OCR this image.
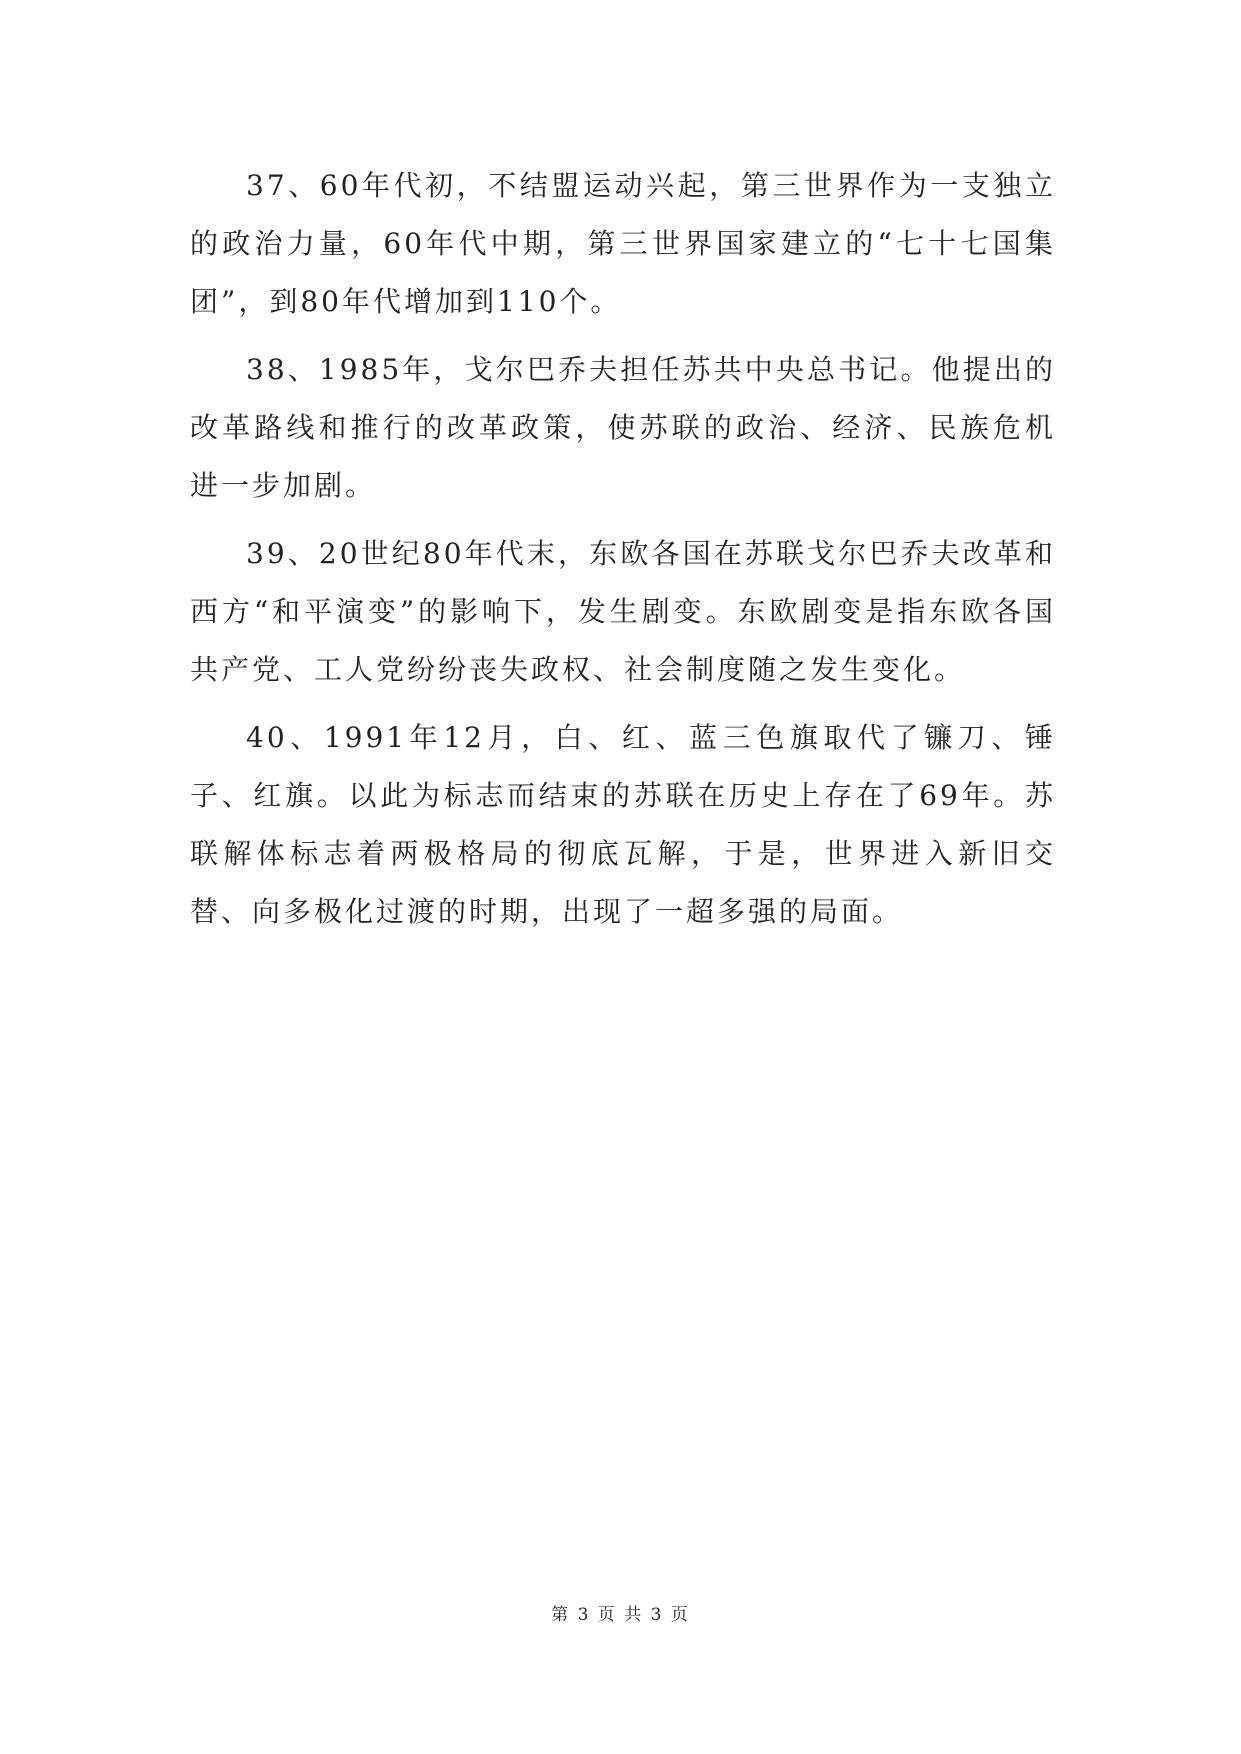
37、60年代初，不结盟运动兴起，第三世界作为一支独立的政治力量，60年代中期，第三世界国家建立的“七十七国集团”，到80年代增加到110个。

38、1985年，戈尔巴乔夫担任苏共中央总书记。他提出的改革路线和推行的改革政策，使苏联的政治、经济、民族危机进一步加剧。

39、20世纪80年代末，东欧各国在苏联戈尔巴乔夫改革和西方“和平演变”的影响下，发生剧变。东欧剧变是指东欧各国共产党、工人党纷纷丧失政权、社会制度随之发生变化。

40、1991年12月，白、红、蓝三色旗取代了镰刀、锤子、红旗。以此为标志而结束的苏联在历史上存在了69年。苏联解体标志着两极格局的彻底瓦解，于是，世界进入新旧交替、向多极化过渡的时期，出现了一超多强的局面。

第 3 页 共 3 页
